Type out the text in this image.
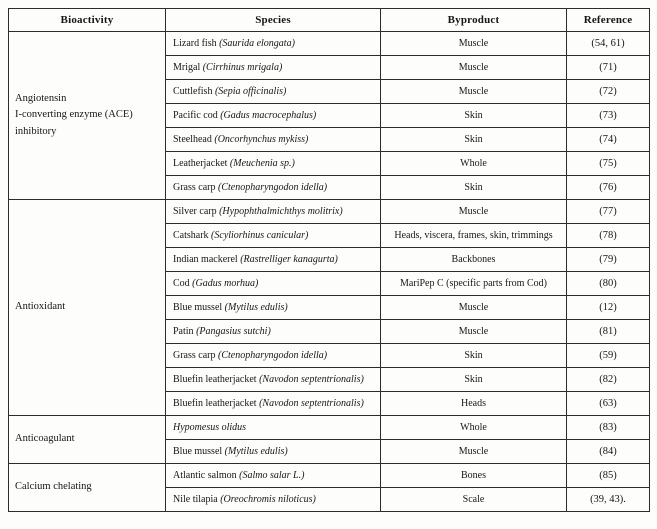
Bioactivity	Species	Byproduct	Reference
Angiotensin
I-converting enzyme (ACE)
inhibitory	Lizard fish (Saurida elongata)	Muscle	(54, 61)
	Mrigal (Cirrhinus mrigala)	Muscle	(71)
	Cuttlefish (Sepia officinalis)	Muscle	(72)
	Pacific cod (Gadus macrocephalus)	Skin	(73)
	Steelhead (Oncorhynchus mykiss)	Skin	(74)
	Leatherjacket (Meuchenia sp.)	Whole	(75)
	Grass carp (Ctenopharyngodon idella)	Skin	(76)
Antioxidant	Silver carp (Hypophthalmichthys molitrix)	Muscle	(77)
	Catshark (Scyliorhinus canicular)	Heads, viscera, frames, skin, trimmings	(78)
	Indian mackerel (Rastrelliger kanagurta)	Backbones	(79)
	Cod (Gadus morhua)	MariPep C (specific parts from Cod)	(80)
	Blue mussel (Mytilus edulis)	Muscle	(12)
	Patin (Pangasius sutchi)	Muscle	(81)
	Grass carp (Ctenopharyngodon idella)	Skin	(59)
	Bluefin leatherjacket (Navodon septentrionalis)	Skin	(82)
	Bluefin leatherjacket (Navodon septentrionalis)	Heads	(63)
Anticoagulant	Hypomesus olidus	Whole	(83)
	Blue mussel (Mytilus edulis)	Muscle	(84)
Calcium chelating	Atlantic salmon (Salmo salar L.)	Bones	(85)
	Nile tilapia (Oreochromis niloticus)	Scale	(39, 43).
